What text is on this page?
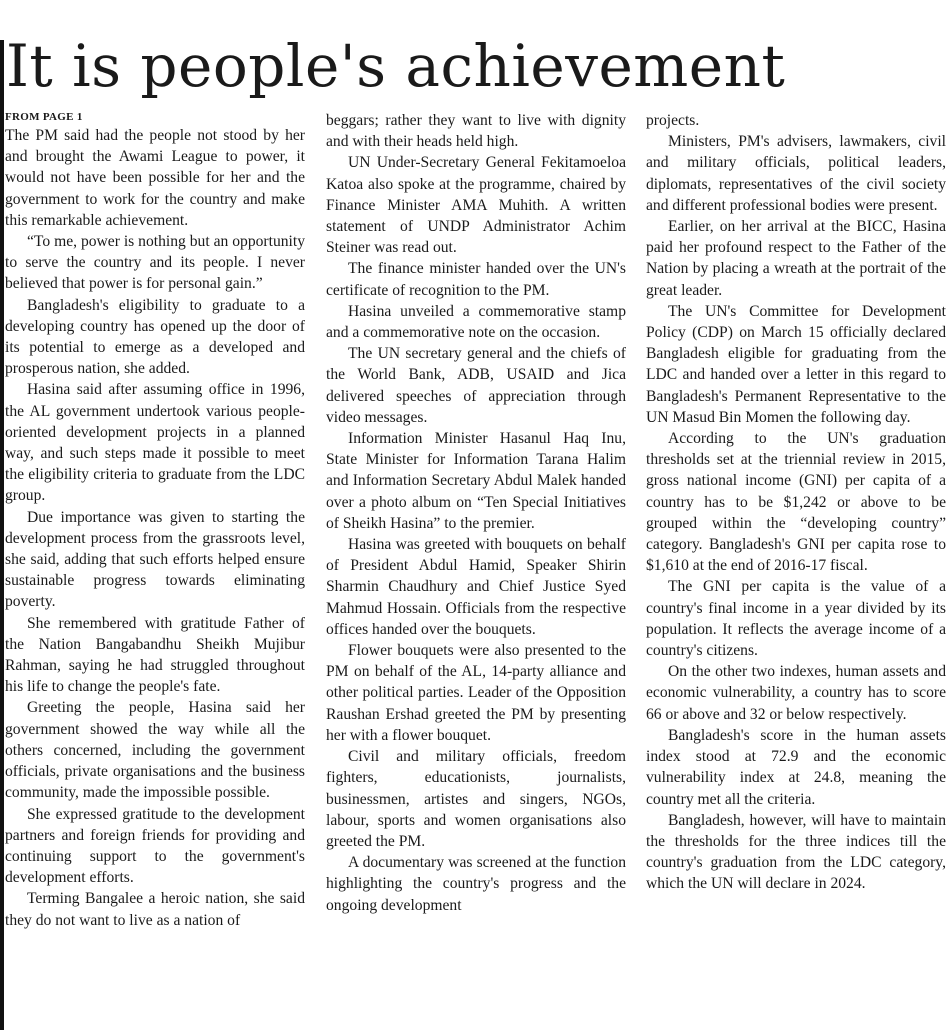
It is people's achievement

FROM PAGE 1

The PM said had the people not stood by her and brought the Awami League to power, it would not have been possible for her and the government to work for the country and make this remarkable achievement.

“To me, power is nothing but an opportunity to serve the country and its people. I never believed that power is for personal gain.”

Bangladesh's eligibility to graduate to a developing country has opened up the door of its potential to emerge as a developed and prosperous nation, she added.

Hasina said after assuming office in 1996, the AL government undertook various people-oriented development projects in a planned way, and such steps made it possible to meet the eligibility criteria to graduate from the LDC group.

Due importance was given to starting the development process from the grassroots level, she said, adding that such efforts helped ensure sustainable progress towards eliminating poverty.

She remembered with gratitude Father of the Nation Bangabandhu Sheikh Mujibur Rahman, saying he had struggled throughout his life to change the people's fate.

Greeting the people, Hasina said her government showed the way while all the others concerned, including the government officials, private organisations and the business community, made the impossible possible.

She expressed gratitude to the development partners and foreign friends for providing and continuing support to the government's development efforts.

Terming Bangalee a heroic nation, she said they do not want to live as a nation of

beggars; rather they want to live with dignity and with their heads held high.

UN Under-Secretary General Fekitamoeloa Katoa also spoke at the programme, chaired by Finance Minister AMA Muhith. A written statement of UNDP Administrator Achim Steiner was read out.

The finance minister handed over the UN's certificate of recognition to the PM.

Hasina unveiled a commemorative stamp and a commemorative note on the occasion.

The UN secretary general and the chiefs of the World Bank, ADB, USAID and Jica delivered speeches of appreciation through video messages.

Information Minister Hasanul Haq Inu, State Minister for Information Tarana Halim and Information Secretary Abdul Malek handed over a photo album on “Ten Special Initiatives of Sheikh Hasina” to the premier.

Hasina was greeted with bouquets on behalf of President Abdul Hamid, Speaker Shirin Sharmin Chaudhury and Chief Justice Syed Mahmud Hossain. Officials from the respective offices handed over the bouquets.

Flower bouquets were also presented to the PM on behalf of the AL, 14-party alliance and other political parties. Leader of the Opposition Raushan Ershad greeted the PM by presenting her with a flower bouquet.

Civil and military officials, freedom fighters, educationists, journalists, businessmen, artistes and singers, NGOs, labour, sports and women organisations also greeted the PM.

A documentary was screened at the function highlighting the country's progress and the ongoing development

projects.

Ministers, PM's advisers, lawmakers, civil and military officials, political leaders, diplomats, representatives of the civil society and different professional bodies were present.

Earlier, on her arrival at the BICC, Hasina paid her profound respect to the Father of the Nation by placing a wreath at the portrait of the great leader.

The UN's Committee for Development Policy (CDP) on March 15 officially declared Bangladesh eligible for graduating from the LDC and handed over a letter in this regard to Bangladesh's Permanent Representative to the UN Masud Bin Momen the following day.

According to the UN's graduation thresholds set at the triennial review in 2015, gross national income (GNI) per capita of a country has to be $1,242 or above to be grouped within the “developing country” category. Bangladesh's GNI per capita rose to $1,610 at the end of 2016-17 fiscal.

The GNI per capita is the value of a country's final income in a year divided by its population. It reflects the average income of a country's citizens.

On the other two indexes, human assets and economic vulnerability, a country has to score 66 or above and 32 or below respectively.

Bangladesh's score in the human assets index stood at 72.9 and the economic vulnerability index at 24.8, meaning the country met all the criteria.

Bangladesh, however, will have to maintain the thresholds for the three indices till the country's graduation from the LDC category, which the UN will declare in 2024.
